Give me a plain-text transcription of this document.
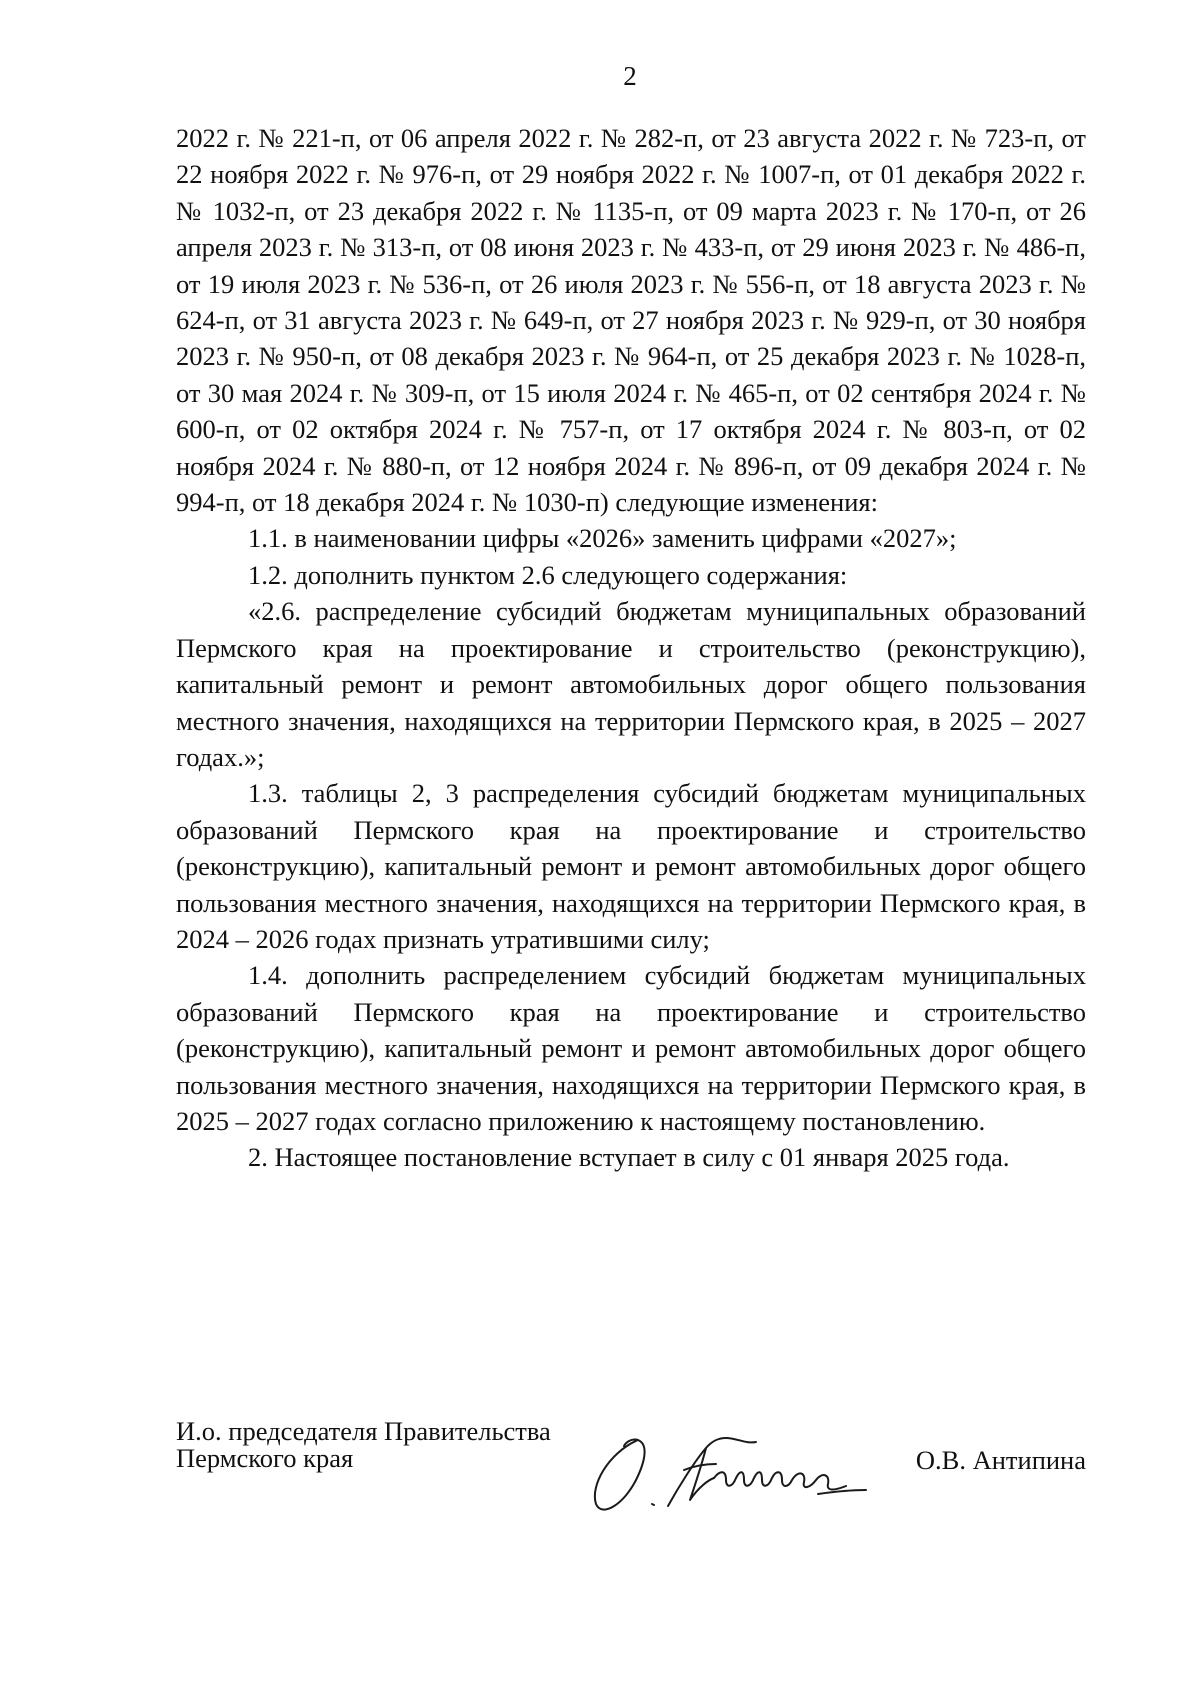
2

2022 г. № 221-п, от 06 апреля 2022 г. № 282-п, от 23 августа 2022 г. № 723-п, от 22 ноября 2022 г. № 976-п, от 29 ноября 2022 г. № 1007-п, от 01 декабря 2022 г. № 1032-п, от 23 декабря 2022 г. № 1135-п, от 09 марта 2023 г. № 170-п, от 26 апреля 2023 г. № 313-п, от 08 июня 2023 г. № 433-п, от 29 июня 2023 г. № 486-п, от 19 июля 2023 г. № 536-п, от 26 июля 2023 г. № 556-п, от 18 августа 2023 г. № 624-п, от 31 августа 2023 г. № 649-п, от 27 ноября 2023 г. № 929-п, от 30 ноября 2023 г. № 950-п, от 08 декабря 2023 г. № 964-п, от 25 декабря 2023 г. № 1028-п, от 30 мая 2024 г. № 309-п, от 15 июля 2024 г. № 465-п, от 02 сентября 2024 г. № 600-п, от 02 октября 2024 г. № 757-п, от 17 октября 2024 г. № 803-п, от 02 ноября 2024 г. № 880-п, от 12 ноября 2024 г. № 896-п, от 09 декабря 2024 г. № 994-п, от 18 декабря 2024 г. № 1030-п) следующие изменения:

1.1. в наименовании цифры «2026» заменить цифрами «2027»;

1.2. дополнить пунктом 2.6 следующего содержания:

«2.6. распределение субсидий бюджетам муниципальных образований Пермского края на проектирование и строительство (реконструкцию), капитальный ремонт и ремонт автомобильных дорог общего пользования местного значения, находящихся на территории Пермского края, в 2025 – 2027 годах.»;

1.3. таблицы 2, 3 распределения субсидий бюджетам муниципальных образований Пермского края на проектирование и строительство (реконструкцию), капитальный ремонт и ремонт автомобильных дорог общего пользования местного значения, находящихся на территории Пермского края, в 2024 – 2026 годах признать утратившими силу;

1.4. дополнить распределением субсидий бюджетам муниципальных образований Пермского края на проектирование и строительство (реконструкцию), капитальный ремонт и ремонт автомобильных дорог общего пользования местного значения, находящихся на территории Пермского края, в 2025 – 2027 годах согласно приложению к настоящему постановлению.

2. Настоящее постановление вступает в силу с 01 января 2025 года.

И.о. председателя Правительства
Пермского края	О.В. Антипина
